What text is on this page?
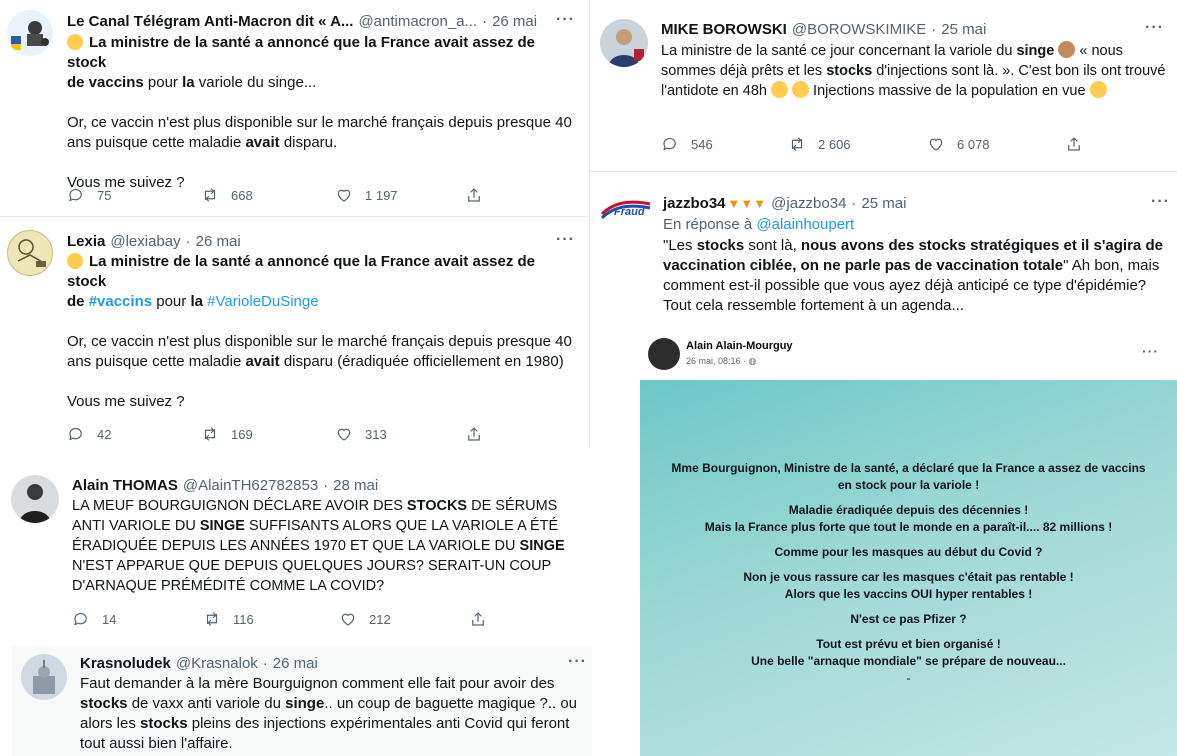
Le Canal Télégram Anti-Macron dit « A... @antimacron_a... · 26 mai ···

La ministre de la santé a annoncé que la France avait assez de stock

de vaccins pour la variole du singe...

Or, ce vaccin n'est plus disponible sur le marché français depuis presque 40 ans puisque cette maladie avait disparu.

Vous me suivez ?

75	668	1 197
Lexia @lexiabay · 26 mai	···

La ministre de la santé a annoncé que la France avait assez de stock

de #vaccins pour la #VarioleDuSinge

Or, ce vaccin n'est plus disponible sur le marché français depuis presque 40 ans puisque cette maladie avait disparu (éradiquée officiellement en 1980)

Vous me suivez ?

42	169	313
Alain THOMAS @AlainTH62782853 · 28 mai

LA MEUF BOURGUIGNON DÉCLARE AVOIR DES STOCKS DE SÉRUMS ANTI VARIOLE DU SINGE SUFFISANTS ALORS QUE LA VARIOLE A ÉTÉ ÉRADIQUÉE DEPUIS LES ANNÉES 1970 ET QUE LA VARIOLE DU SINGE N'EST APPARUE QUE DEPUIS QUELQUES JOURS? SERAIT-UN COUP D'ARNAQUE PRÉMÉDITÉ COMME LA COVID?

14	116	212
Krasnoludek @Krasnalok · 26 mai	···

Faut demander à la mère Bourguignon comment elle fait pour avoir des stocks de vaxx anti variole du singe.. un coup de baguette magique ?.. ou alors les stocks pleins des injections expérimentales anti Covid qui feront tout aussi bien l'affaire.

MIKE BOROWSKI @BOROWSKIMIKE · 25 mai	···

La ministre de la santé ce jour concernant la variole du singe  « nous sommes déjà prêts et les stocks d'injections sont là. ». C'est bon ils ont trouvé l'antidote en 48h	Injections massive de la population en vue

546	2 606	6 078
Fraud jazzbo34 ▼▼▼ @jazzbo34 · 25 mai	···
En réponse à @alainhoupert

"Les stocks sont là, nous avons des stocks stratégiques et il s'agira de vaccination ciblée, on ne parle pas de vaccination totale" Ah bon, mais comment est-il possible que vous ayez déjà anticipé ce type d'épidémie? Tout cela ressemble fortement à un agenda...

Alain Alain-Mourguy
26 mai, 08:16 · ◍
···

Mme Bourguignon, Ministre de la santé, a déclaré que la France a assez de vaccins

en stock pour la variole !

Maladie éradiquée depuis des décennies !

Mais la France plus forte que tout le monde en a paraît-il.... 82 millions !

Comme pour les masques au début du Covid ?

Non je vous rassure car les masques c'était pas rentable !

Alors que les vaccins OUI hyper rentables !

N'est ce pas Pfizer ?

Tout est prévu et bien organisé !

Une belle "arnaque mondiale" se prépare de nouveau...

-
